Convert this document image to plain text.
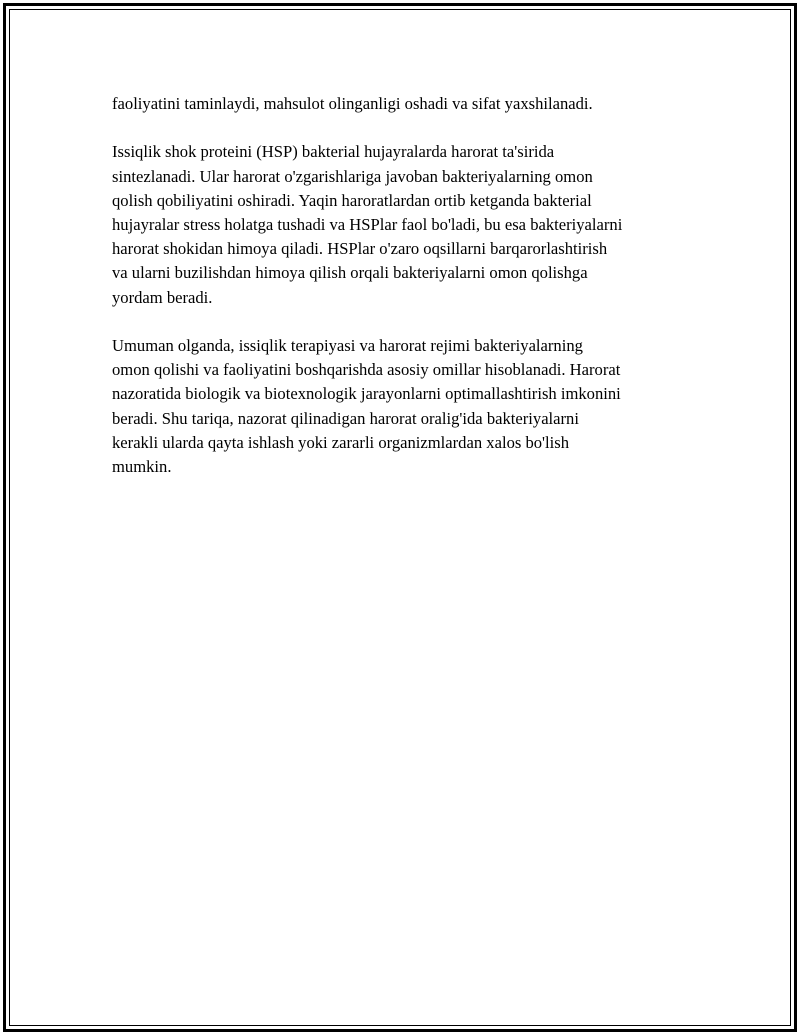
faoliyatini taminlaydi, mahsulot olinganligi oshadi va sifat yaxshilanadi.

Issiqlik shok proteini (HSP) bakterial hujayralarda harorat ta'sirida
sintezlanadi. Ular harorat o'zgarishlariga javoban bakteriyalarning omon
qolish qobiliyatini oshiradi. Yaqin haroratlardan ortib ketganda bakterial
hujayralar stress holatga tushadi va HSPlar faol bo'ladi, bu esa bakteriyalarni
harorat shokidan himoya qiladi. HSPlar o'zaro oqsillarni barqarorlashtirish
va ularni buzilishdan himoya qilish orqali bakteriyalarni omon qolishga
yordam beradi.

Umuman olganda, issiqlik terapiyasi va harorat rejimi bakteriyalarning
omon qolishi va faoliyatini boshqarishda asosiy omillar hisoblanadi. Harorat
nazoratida biologik va biotexnologik jarayonlarni optimallashtirish imkonini
beradi. Shu tariqa, nazorat qilinadigan harorat oralig'ida bakteriyalarni
kerakli ularda qayta ishlash yoki zararli organizmlardan xalos bo'lish
mumkin.
